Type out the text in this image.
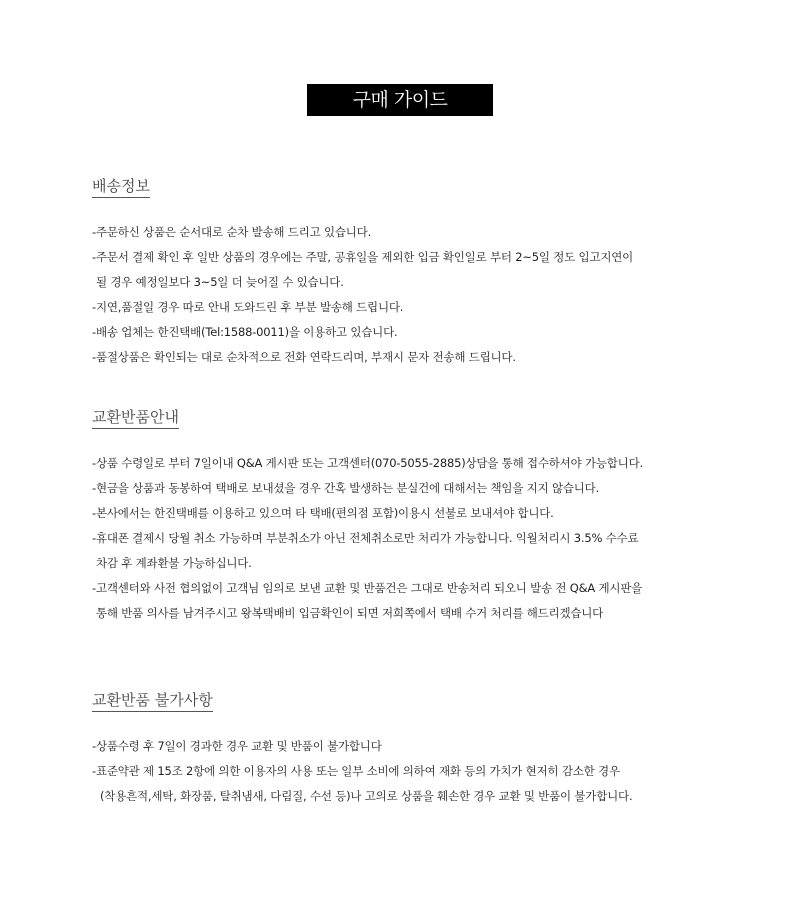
구매 가이드
배송정보
-주문하신 상품은 순서대로 순차 발송해 드리고 있습니다.
-주문서 결제 확인 후 일반 상품의 경우에는 주말, 공휴일을 제외한 입금 확인일로 부터 2~5일 정도 입고지연이
될 경우 예정일보다 3~5일 더 늦어질 수 있습니다.
-지연,품절일 경우 따로 안내 도와드린 후 부분 발송해 드립니다.
-배송 업체는 한진택배(Tel:1588-0011)을 이용하고 있습니다.
-품절상품은 확인되는 대로 순차적으로 전화 연락드리며, 부재시 문자 전송해 드립니다.
교환반품안내
-상품 수령일로 부터 7일이내 Q&A 게시판 또는 고객센터(070-5055-2885)상담을 통해 접수하셔야 가능합니다.
-현금을 상품과 동봉하여 택배로 보내셨을 경우 간혹 발생하는 분실건에 대해서는 책임을 지지 않습니다.
-본사에서는 한진택배를 이용하고 있으며 타 택배(편의점 포함)이용시 선불로 보내셔야 합니다.
-휴대폰 결제시 당월 취소 가능하며 부분취소가 아닌 전체취소로만 처리가 가능합니다. 익월처리시 3.5% 수수료
차감 후 계좌환불 가능하십니다.
-고객센터와 사전 협의없이 고객님 임의로 보낸 교환 및 반품건은 그대로 반송처리 되오니 발송 전 Q&A 게시판을
통해 반품 의사를 남겨주시고 왕복택배비 입금확인이 되면 저희쪽에서 택배 수거 처리를 해드리겠습니다
교환반품 불가사항
-상품수령 후 7일이 경과한 경우 교환 및 반품이 불가합니다
-표준약관 제 15조 2항에 의한 이용자의 사용 또는 일부 소비에 의하여 재화 등의 가치가 현저히 감소한 경우
(착용흔적,세탁, 화장품, 탈취냄새, 다림질, 수선 등)나 고의로 상품을 훼손한 경우 교환 및 반품이 불가합니다.
